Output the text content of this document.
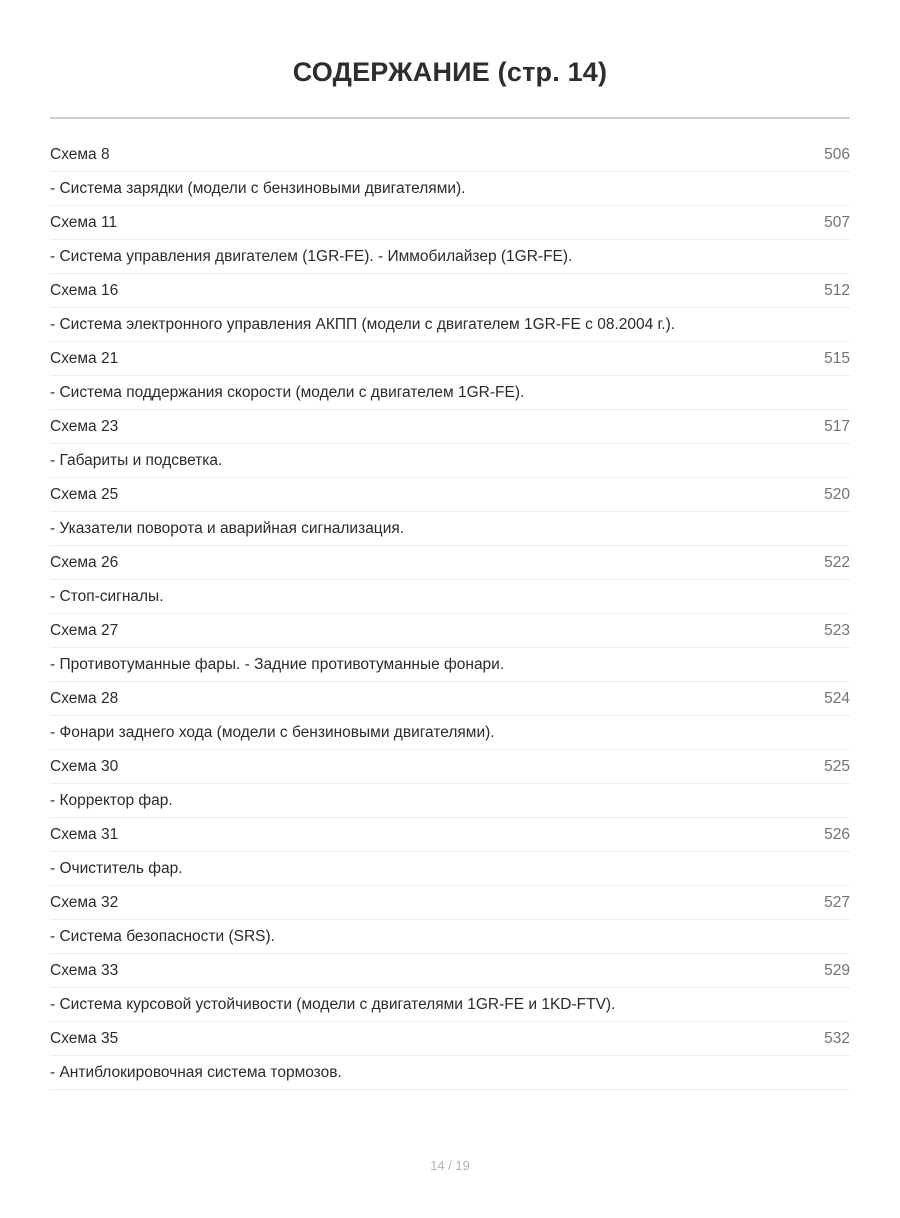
СОДЕРЖАНИЕ (стр. 14)
Схема 8	506
- Система зарядки (модели с бензиновыми двигателями).
Схема 11	507
- Система управления двигателем (1GR-FE). - Иммобилайзер (1GR-FE).
Схема 16	512
- Система электронного управления АКПП (модели с двигателем 1GR-FE с 08.2004 г.).
Схема 21	515
- Система поддержания скорости (модели с двигателем 1GR-FE).
Схема 23	517
- Габариты и подсветка.
Схема 25	520
- Указатели поворота и аварийная сигнализация.
Схема 26	522
- Стоп-сигналы.
Схема 27	523
- Противотуманные фары. - Задние противотуманные фонари.
Схема 28	524
- Фонари заднего хода (модели с бензиновыми двигателями).
Схема 30	525
- Корректор фар.
Схема 31	526
- Очиститель фар.
Схема 32	527
- Система безопасности (SRS).
Схема 33	529
- Система курсовой устойчивости (модели с двигателями 1GR-FE и 1KD-FTV).
Схема 35	532
- Антиблокировочная система тормозов.
14 / 19
